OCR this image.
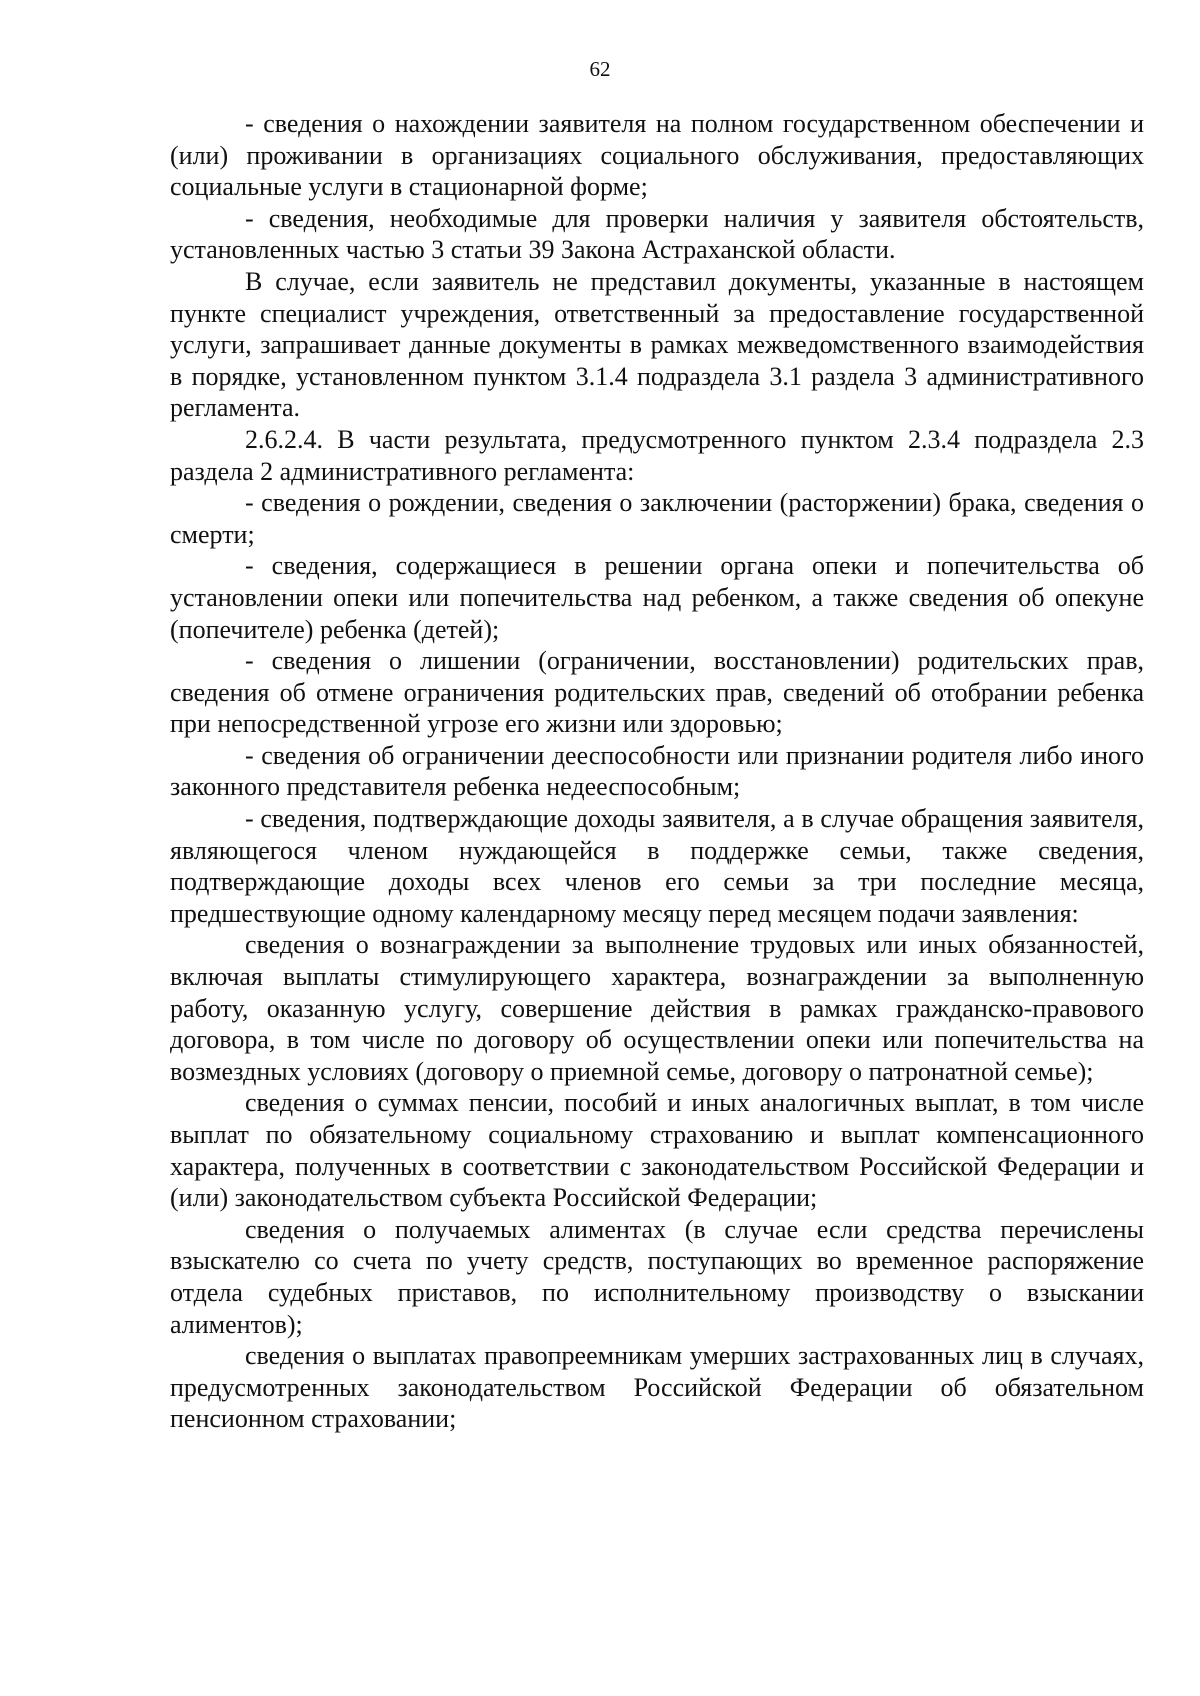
62

- сведения о нахождении заявителя на полном государственном обеспечении и (или) проживании в организациях социального обслуживания, предоставляющих социальные услуги в стационарной форме;

- сведения, необходимые для проверки наличия у заявителя обстоятельств, установленных частью 3 статьи 39 Закона Астраханской области.

В случае, если заявитель не представил документы, указанные в настоящем пункте специалист учреждения, ответственный за предоставление государственной услуги, запрашивает данные документы в рамках межведомственного взаимодействия в порядке, установленном пунктом 3.1.4 подраздела 3.1 раздела 3 административного регламента.

2.6.2.4. В части результата, предусмотренного пунктом 2.3.4 подраздела 2.3 раздела 2 административного регламента:

- сведения о рождении, сведения о заключении (расторжении) брака, сведения о смерти;

- сведения, содержащиеся в решении органа опеки и попечительства об установлении опеки или попечительства над ребенком, а также сведения об опекуне (попечителе) ребенка (детей);

- сведения о лишении (ограничении, восстановлении) родительских прав, сведения об отмене ограничения родительских прав, сведений об отобрании ребенка при непосредственной угрозе его жизни или здоровью;

- сведения об ограничении дееспособности или признании родителя либо иного законного представителя ребенка недееспособным;

- сведения, подтверждающие доходы заявителя, а в случае обращения заявителя, являющегося членом нуждающейся в поддержке семьи, также сведения, подтверждающие доходы всех членов его семьи за три последние месяца, предшествующие одному календарному месяцу перед месяцем подачи заявления:

сведения о вознаграждении за выполнение трудовых или иных обязанностей, включая выплаты стимулирующего характера, вознаграждении за выполненную работу, оказанную услугу, совершение действия в рамках гражданско-правового договора, в том числе по договору об осуществлении опеки или попечительства на возмездных условиях (договору о приемной семье, договору о патронатной семье);

сведения о суммах пенсии, пособий и иных аналогичных выплат, в том числе выплат по обязательному социальному страхованию и выплат компенсационного характера, полученных в соответствии с законодательством Российской Федерации и (или) законодательством субъекта Российской Федерации;

сведения о получаемых алиментах (в случае если средства перечислены взыскателю со счета по учету средств, поступающих во временное распоряжение отдела судебных приставов, по исполнительному производству о взыскании алиментов);

сведения о выплатах правопреемникам умерших застрахованных лиц в случаях, предусмотренных законодательством Российской Федерации об обязательном пенсионном страховании;
